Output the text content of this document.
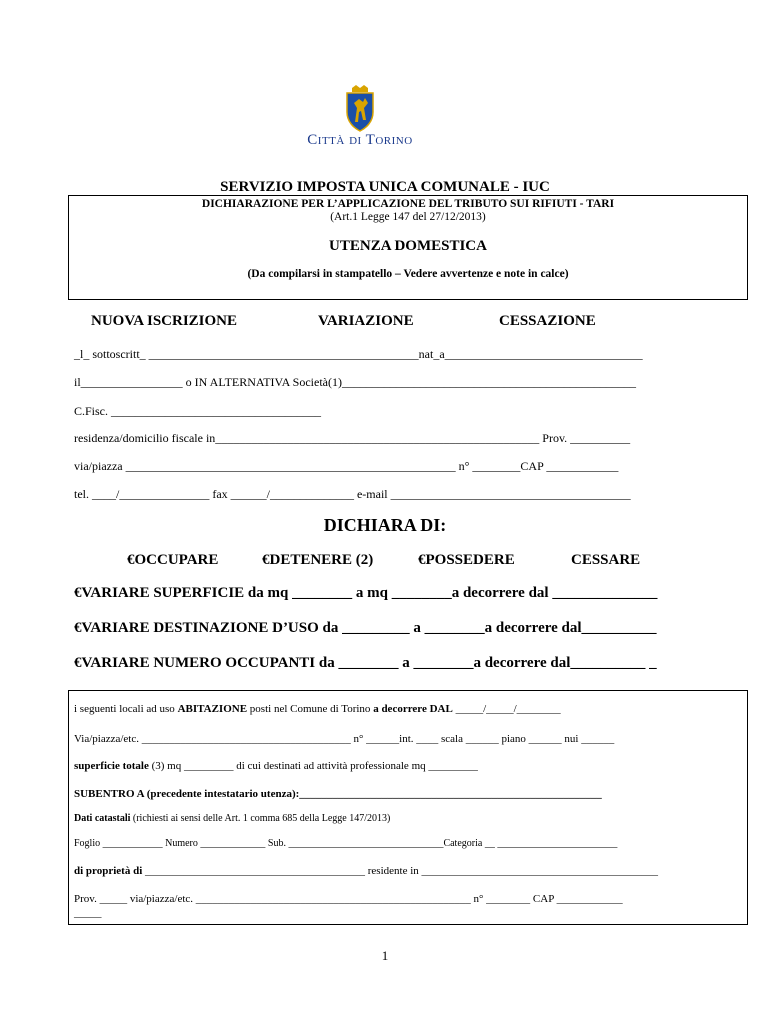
Città di Torino
SERVIZIO IMPOSTA UNICA COMUNALE - IUC
DICHIARAZIONE PER L’APPLICAZIONE DEL TRIBUTO SUI RIFIUTI - TARI
(Art.1 Legge 147 del 27/12/2013)
UTENZA DOMESTICA
(Da compilarsi in stampatello – Vedere avvertenze e note in calce)
NUOVA ISCRIZIONE	VARIAZIONE	CESSAZIONE
_l_ sottoscritt_ _____________________________________________nat_a_________________________________
il_________________ o IN ALTERNATIVA Società(1)_________________________________________________
C.Fisc. ___________________________________
residenza/domicilio fiscale in______________________________________________________ Prov. __________
via/piazza _______________________________________________________ n° ________CAP ____________
tel. ____/_______________ fax ______/______________ e-mail ________________________________________
DICHIARA DI:
€OCCUPARE	€DETENERE (2)	€POSSEDERE	CESSARE
€VARIARE SUPERFICIE da mq ________ a mq ________a decorrere dal ______________
€VARIARE DESTINAZIONE D’USO da _________ a ________a decorrere dal__________
€VARIARE NUMERO OCCUPANTI da ________ a ________a decorrere dal__________ _
i seguenti locali ad uso ABITAZIONE posti nel Comune di Torino a decorrere DAL _____/_____/________
Via/piazza/etc. ______________________________________ n° ______int. ____ scala ______ piano ______ nui ______
superficie totale (3) mq _________ di cui destinati ad attività professionale mq _________
SUBENTRO A (precedente intestatario utenza):_______________________________________________________
Dati catastali (richiesti ai sensi delle Art. 1 comma 685 della Legge 147/2013)
Foglio ____________ Numero _____________ Sub. _______________________________Categoria __ ________________________
di proprietà di ________________________________________ residente in ___________________________________________
Prov. _____ via/piazza/etc. __________________________________________________ n° ________ CAP ____________
_____
1
